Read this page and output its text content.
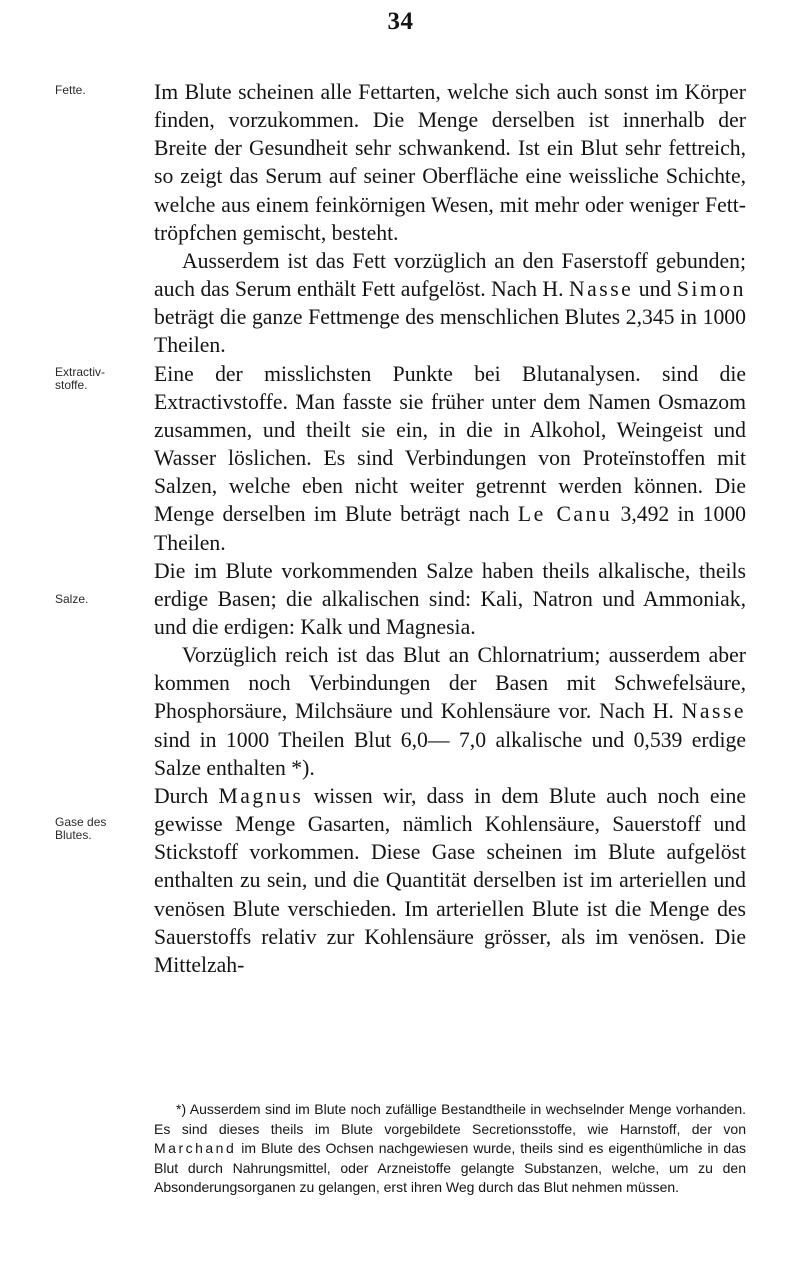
34
Fette.
Extractiv- stoffe.
Salze.
Gase des Blutes.

Im Blute scheinen alle Fettarten, welche sich auch sonst im Körper finden, vorzukommen. Die Menge derselben ist innerhalb der Breite der Gesundheit sehr schwankend. Ist ein Blut sehr fettreich, so zeigt das Serum auf seiner Oberfläche eine weissliche Schichte, welche aus einem feinkörnigen Wesen, mit mehr oder weniger Fetttröpfchen gemischt, besteht.

Ausserdem ist das Fett vorzüglich an den Faserstoff gebunden; auch das Serum enthält Fett aufgelöst. Nach H. Nasse und Simon beträgt die ganze Fettmenge des menschlichen Blutes 2,345 in 1000 Theilen.

Eine der misslichsten Punkte bei Blutanalysen. sind die Extractivstoffe. Man fasste sie früher unter dem Namen Osmazom zusammen, und theilt sie ein, in die in Alkohol, Weingeist und Wasser löslichen. Es sind Verbindungen von Proteïnstoffen mit Salzen, welche eben nicht weiter getrennt werden können. Die Menge derselben im Blute beträgt nach Le Canu 3,492 in 1000 Theilen.

Die im Blute vorkommenden Salze haben theils alkalische, theils erdige Basen; die alkalischen sind: Kali, Natron und Ammoniak, und die erdigen: Kalk und Magnesia.

Vorzüglich reich ist das Blut an Chlornatrium; ausserdem aber kommen noch Verbindungen der Basen mit Schwefelsäure, Phosphorsäure, Milchsäure und Kohlensäure vor. Nach H. Nasse sind in 1000 Theilen Blut 6,0— 7,0 alkalische und 0,539 erdige Salze enthalten *).

Durch Magnus wissen wir, dass in dem Blute auch noch eine gewisse Menge Gasarten, nämlich Kohlensäure, Sauerstoff und Stickstoff vorkommen. Diese Gase scheinen im Blute aufgelöst enthalten zu sein, und die Quantität derselben ist im arteriellen und venösen Blute verschieden. Im arteriellen Blute ist die Menge des Sauerstoffs relativ zur Kohlensäure grösser, als im venösen. Die Mittelzah-

*) Ausserdem sind im Blute noch zufällige Bestandtheile in wechselnder Menge vorhanden. Es sind dieses theils im Blute vorgebildete Secretionsstoffe, wie Harnstoff, der von Marchand im Blute des Ochsen nachgewiesen wurde, theils sind es eigenthümliche in das Blut durch Nahrungsmittel, oder Arzneistoffe gelangte Substanzen, welche, um zu den Absonderungsorganen zu gelangen, erst ihren Weg durch das Blut nehmen müssen.
